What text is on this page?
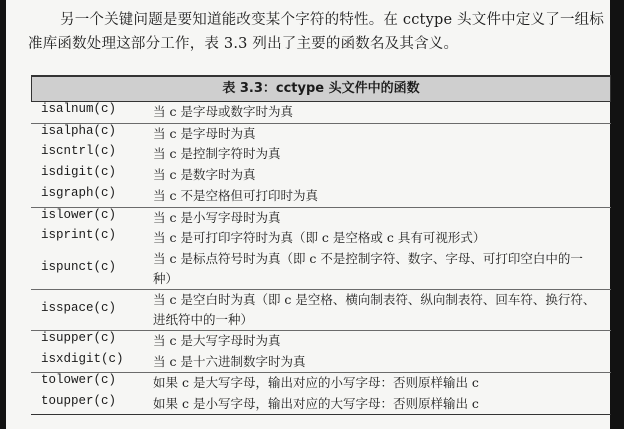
另一个关键问题是要知道能改变某个字符的特性。在 cctype 头文件中定义了一组标准库函数处理这部分工作，表 3.3 列出了主要的函数名及其含义。

表 3.3：cctype 头文件中的函数
isalnum(c)	当 c 是字母或数字时为真
isalpha(c)	当 c 是字母时为真
iscntrl(c)	当 c 是控制字符时为真
isdigit(c)	当 c 是数字时为真
isgraph(c)	当 c 不是空格但可打印时为真
islower(c)	当 c 是小写字母时为真
isprint(c)	当 c 是可打印字符时为真（即 c 是空格或 c 具有可视形式）
ispunct(c)	当 c 是标点符号时为真（即 c 不是控制字符、数字、字母、可打印空白中的一种）
isspace(c)	当 c 是空白时为真（即 c 是空格、横向制表符、纵向制表符、回车符、换行符、进纸符中的一种）
isupper(c)	当 c 是大写字母时为真
isxdigit(c)	当 c 是十六进制数字时为真
tolower(c)	如果 c 是大写字母，输出对应的小写字母：否则原样输出 c
toupper(c)	如果 c 是小写字母，输出对应的大写字母：否则原样输出 c
